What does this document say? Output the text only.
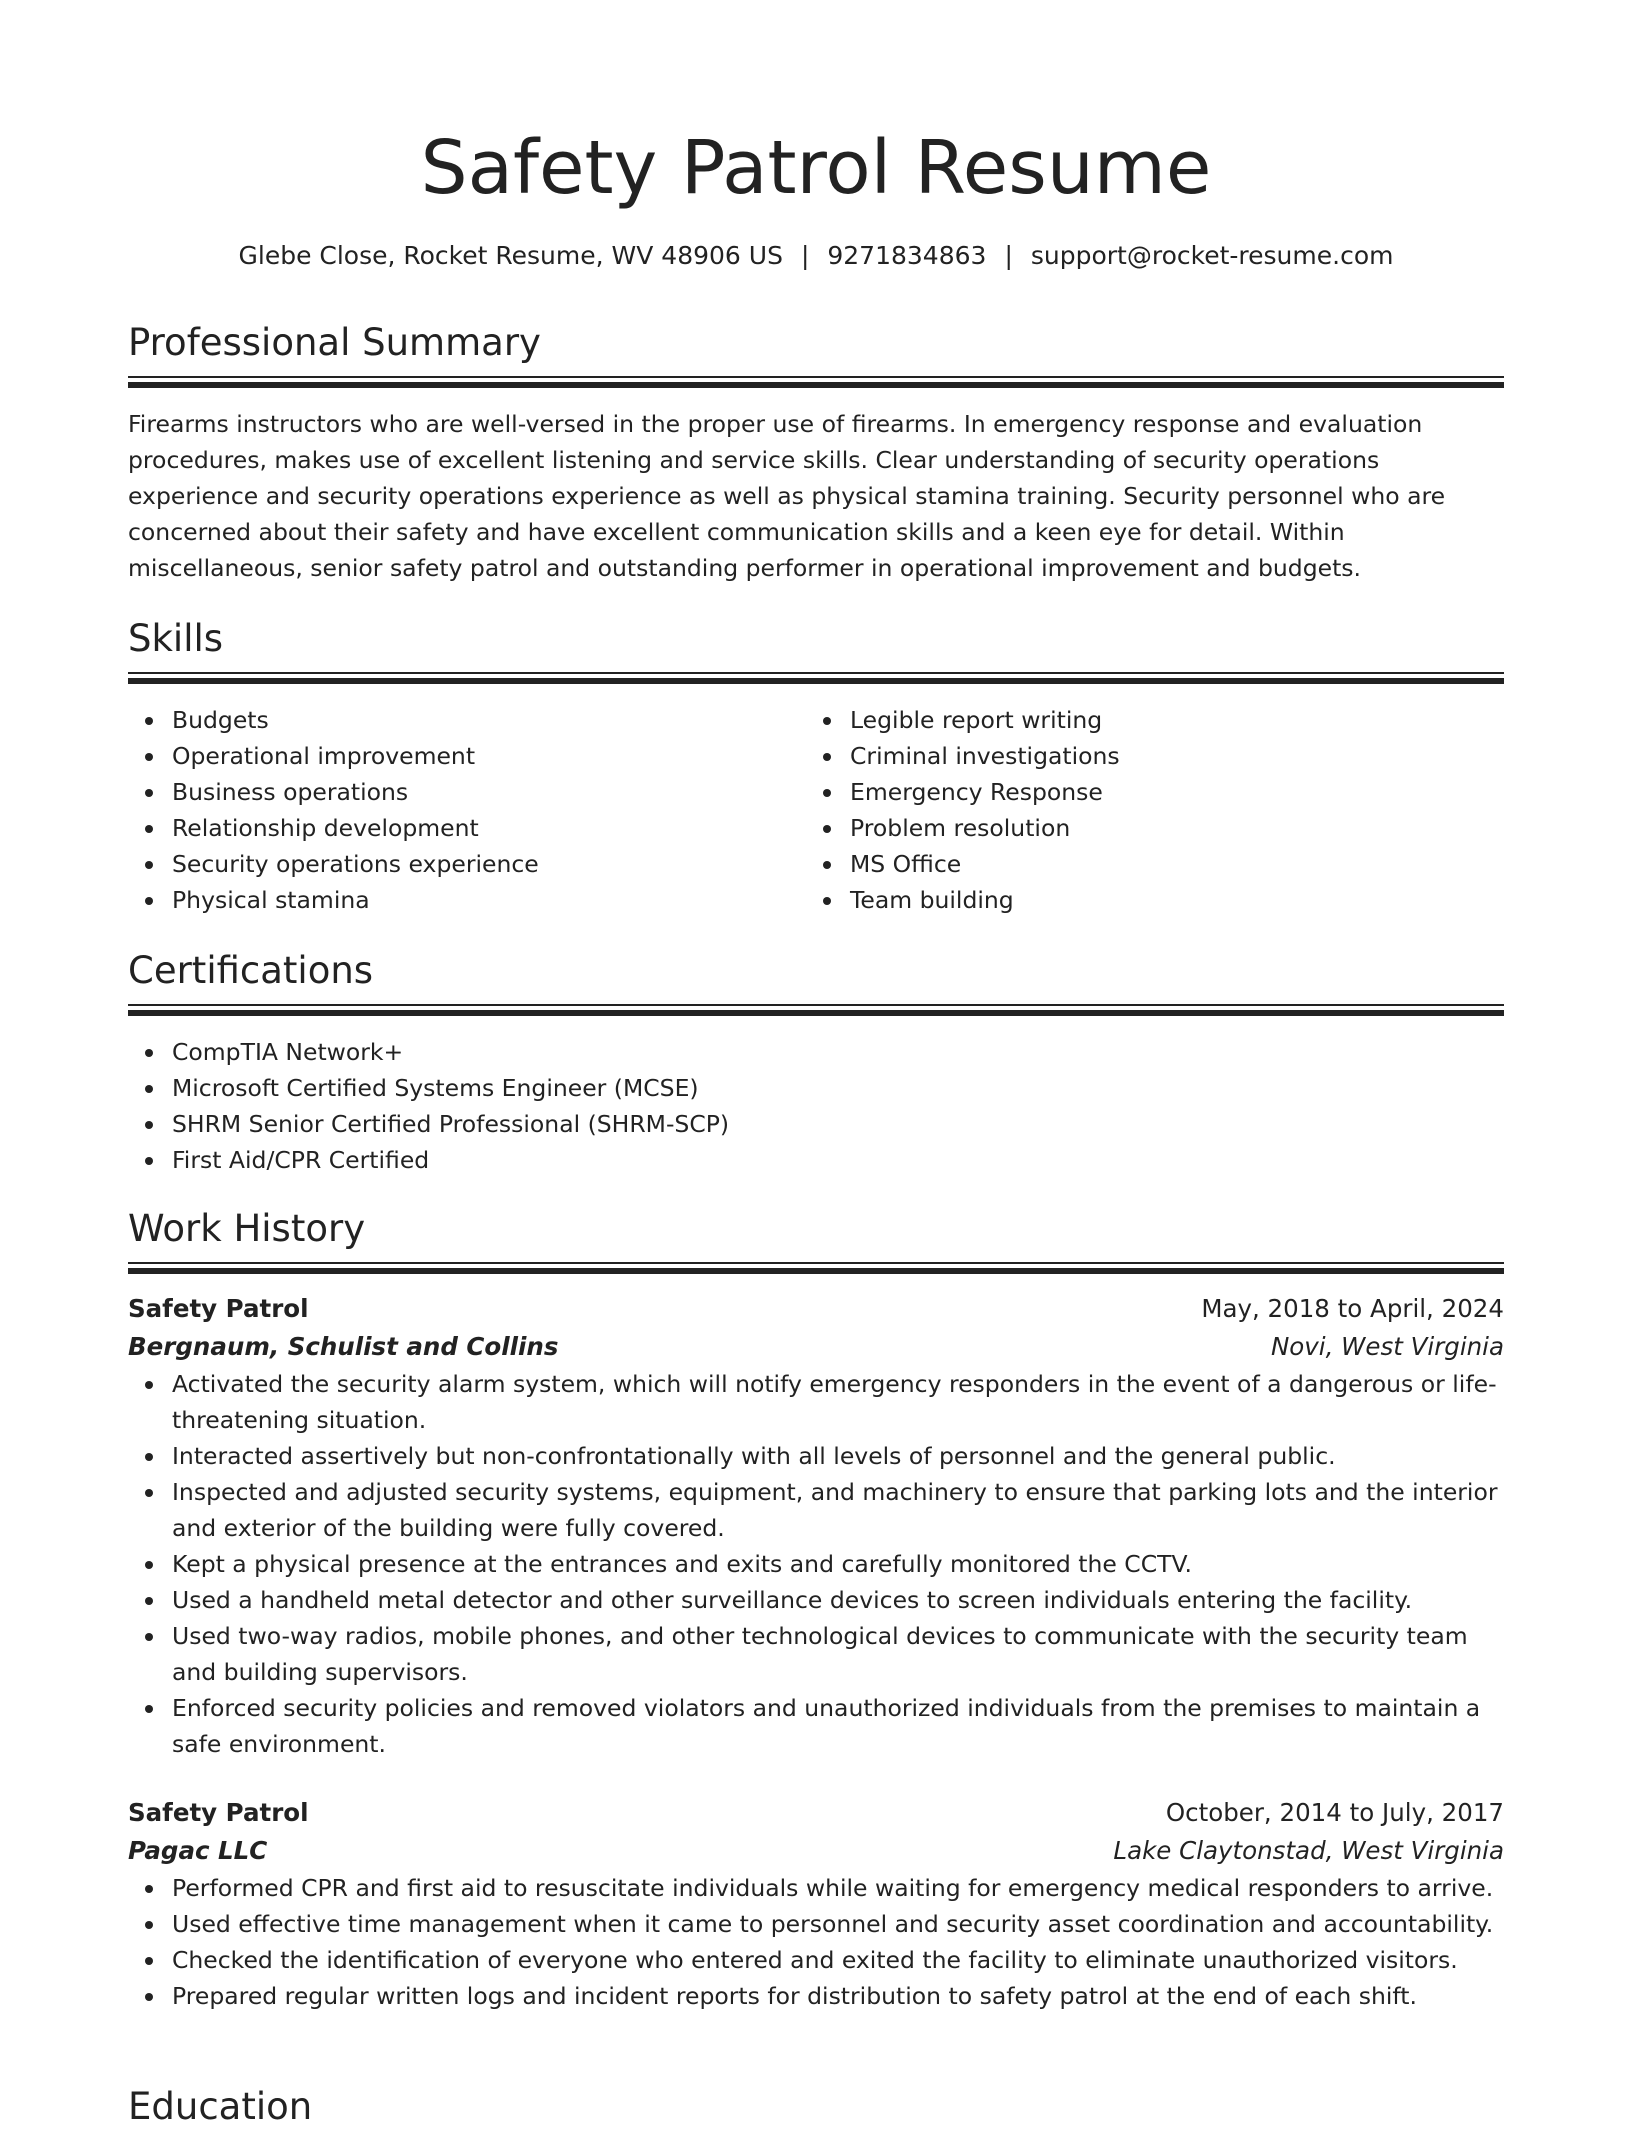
Safety Patrol Resume
Glebe Close, Rocket Resume, WV 48906 US | 9271834863 | support@rocket-resume.com
Professional Summary
Firearms instructors who are well-versed in the proper use of firearms. In emergency response and evaluation procedures, makes use of excellent listening and service skills. Clear understanding of security operations experience and security operations experience as well as physical stamina training. Security personnel who are concerned about their safety and have excellent communication skills and a keen eye for detail. Within miscellaneous, senior safety patrol and outstanding performer in operational improvement and budgets.
Skills
Budgets
Operational improvement
Business operations
Relationship development
Security operations experience
Physical stamina
Legible report writing
Criminal investigations
Emergency Response
Problem resolution
MS Office
Team building
Certifications
CompTIA Network+
Microsoft Certified Systems Engineer (MCSE)
SHRM Senior Certified Professional (SHRM-SCP)
First Aid/CPR Certified
Work History
Safety Patrol	May, 2018 to April, 2024
Bergnaum, Schulist and Collins	Novi, West Virginia
Activated the security alarm system, which will notify emergency responders in the event of a dangerous or life-threatening situation.
Interacted assertively but non-confrontationally with all levels of personnel and the general public.
Inspected and adjusted security systems, equipment, and machinery to ensure that parking lots and the interior and exterior of the building were fully covered.
Kept a physical presence at the entrances and exits and carefully monitored the CCTV.
Used a handheld metal detector and other surveillance devices to screen individuals entering the facility.
Used two-way radios, mobile phones, and other technological devices to communicate with the security team and building supervisors.
Enforced security policies and removed violators and unauthorized individuals from the premises to maintain a safe environment.
Safety Patrol	October, 2014 to July, 2017
Pagac LLC	Lake Claytonstad, West Virginia
Performed CPR and first aid to resuscitate individuals while waiting for emergency medical responders to arrive.
Used effective time management when it came to personnel and security asset coordination and accountability.
Checked the identification of everyone who entered and exited the facility to eliminate unauthorized visitors.
Prepared regular written logs and incident reports for distribution to safety patrol at the end of each shift.
Education
